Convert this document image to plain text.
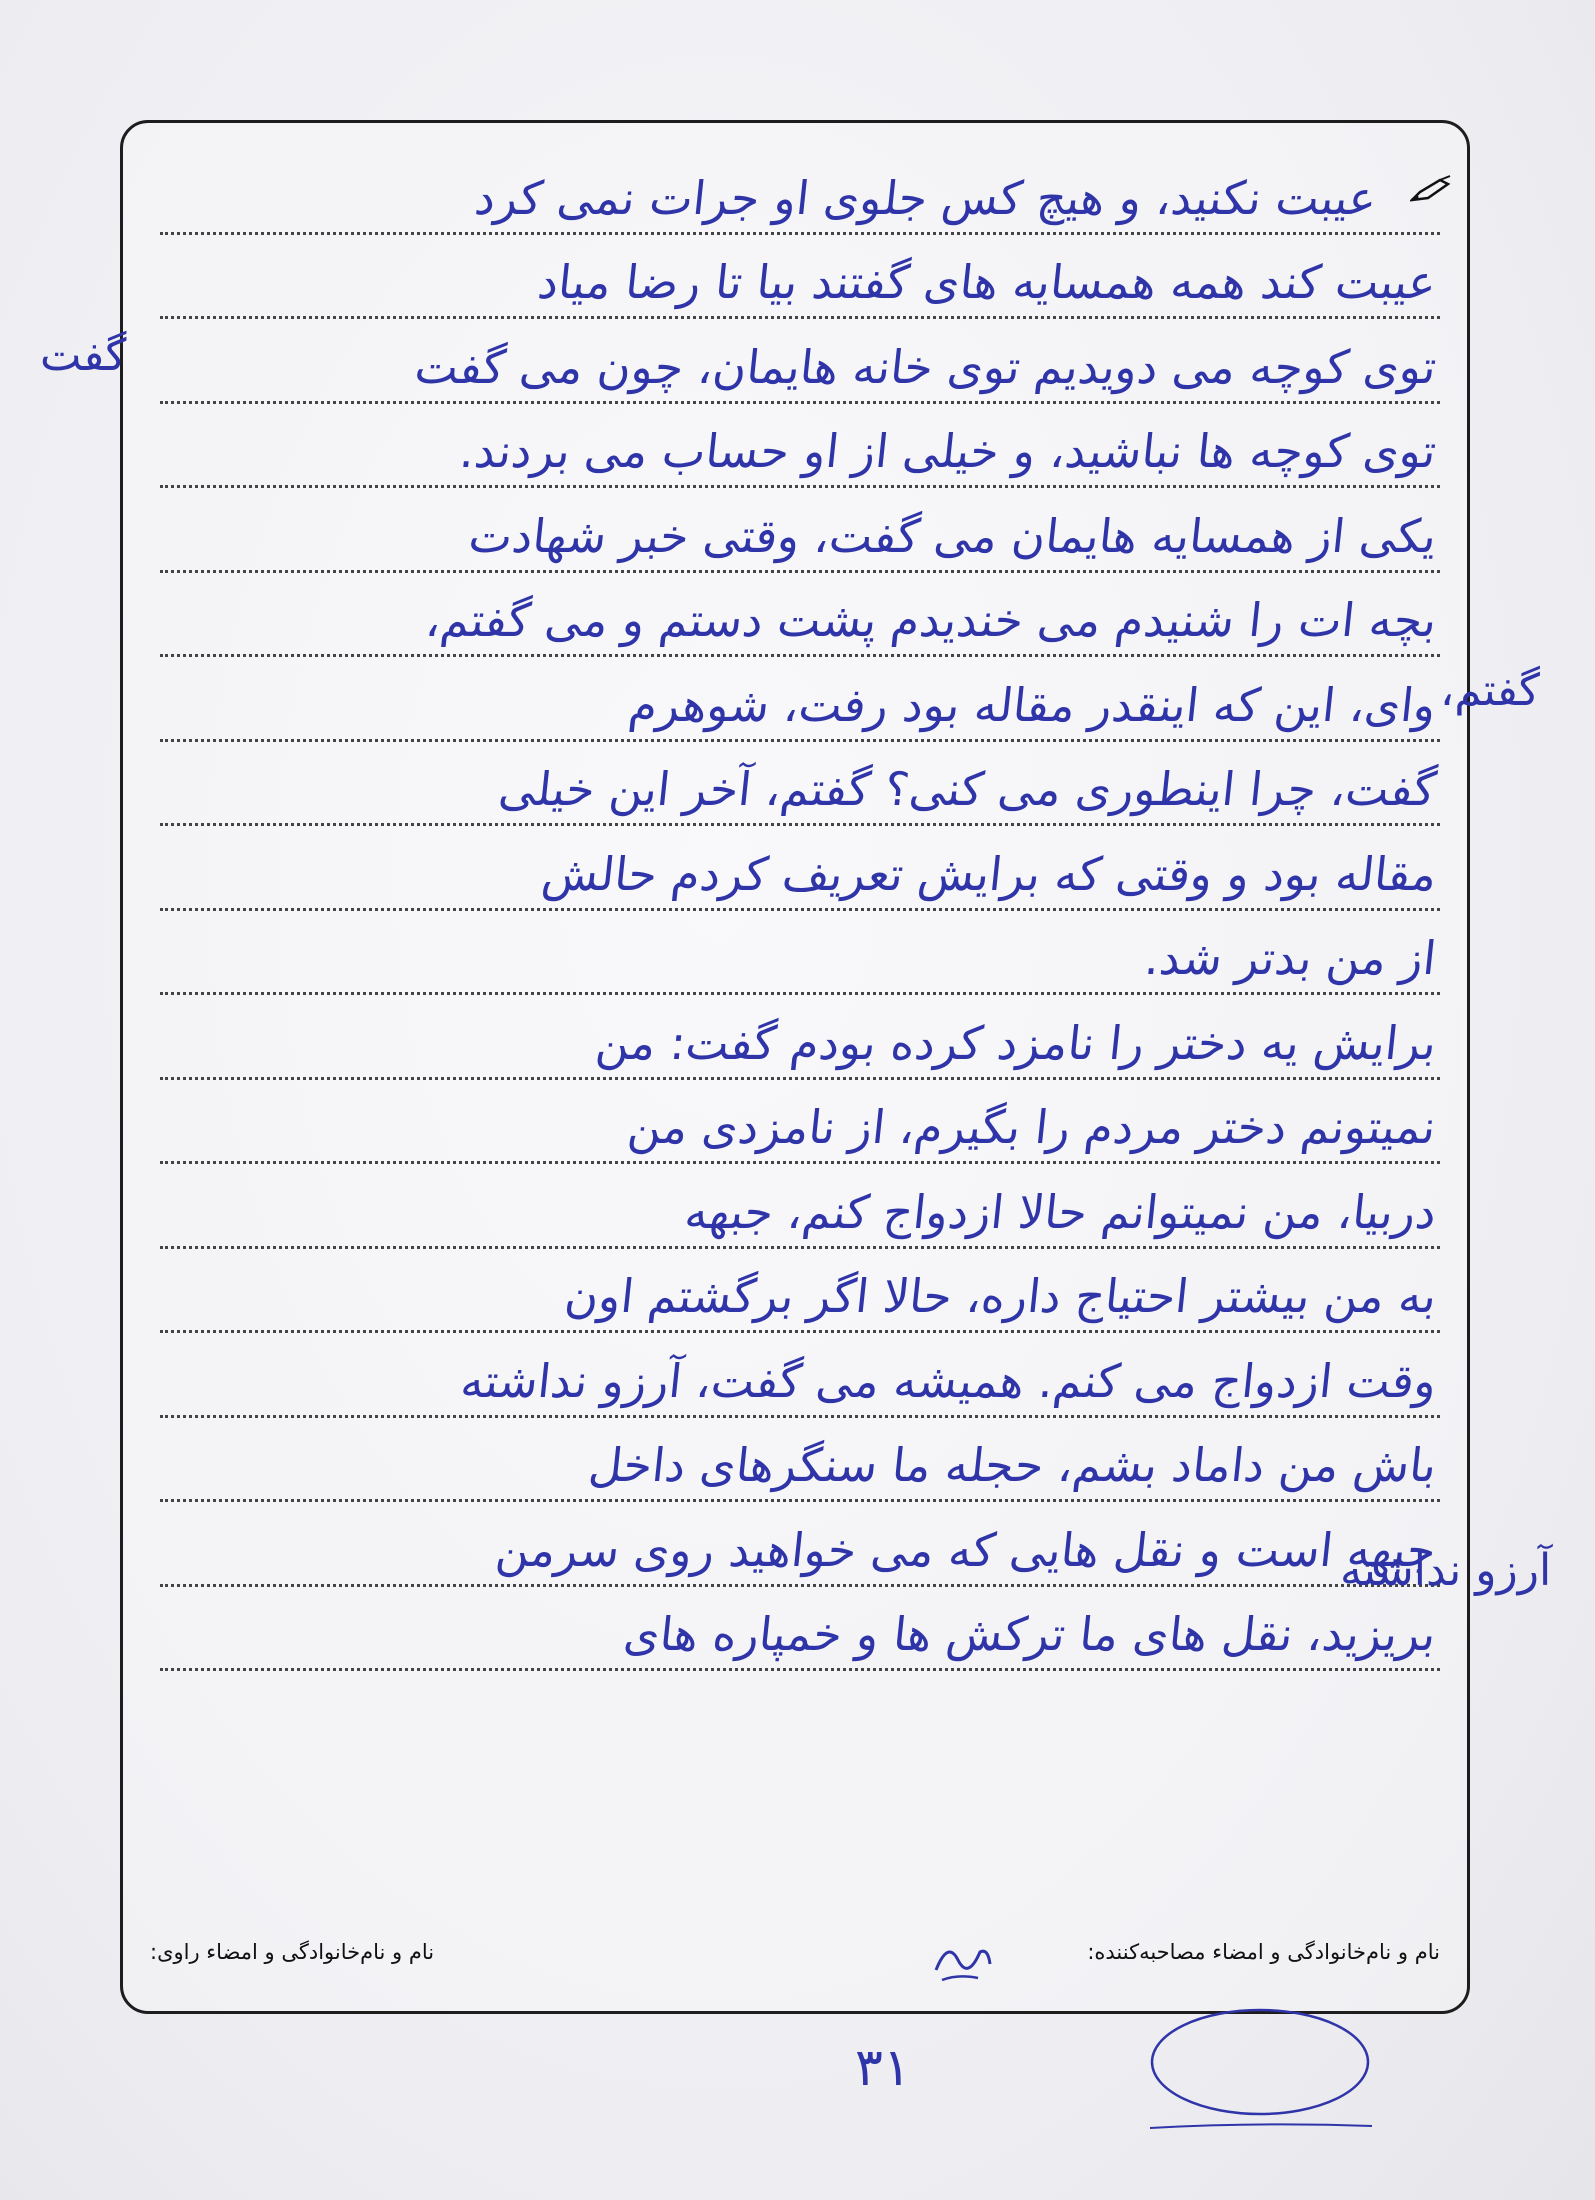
عیبت نکنید، و هیچ کس جلوی او جرات نمی کرد
عیبت کند همه همسایه های گفتند بیا تا رضا میاد
توی کوچه می دویدیم توی خانه هایمان، چون می گفت
توی کوچه ها نباشید، و خیلی از او حساب می بردند.
یکی از همسایه هایمان می گفت، وقتی خبر شهادت
بچه ات را شنیدم می خندیدم پشت دستم و می گفتم،
وای، این که اینقدر مقاله بود رفت، شوهرم
گفت، چرا اینطوری می کنی؟ گفتم، آخر این خیلی
مقاله بود و وقتی که برایش تعریف کردم حالش
از من بدتر شد.
برایش یه دختر را نامزد کرده بودم گفت: من
نمیتونم دختر مردم را بگیرم، از نامزدی من
دربیا، من نمیتوانم حالا ازدواج کنم، جبهه
به من بیشتر احتیاج داره، حالا اگر برگشتم اون
وقت ازدواج می کنم. همیشه می گفت، آرزو نداشته
باش من داماد بشم، حجله ما سنگرهای داخل
جبهه است و نقل هایی که می خواهید روی سرمن
بریزید، نقل های ما ترکش ها و خمپاره های
گفت
گفتم،
آرزو نداشته
نام و نام‌خانوادگی و امضاء مصاحبه‌کننده:
نام و نام‌خانوادگی و امضاء راوی:
۳۱
